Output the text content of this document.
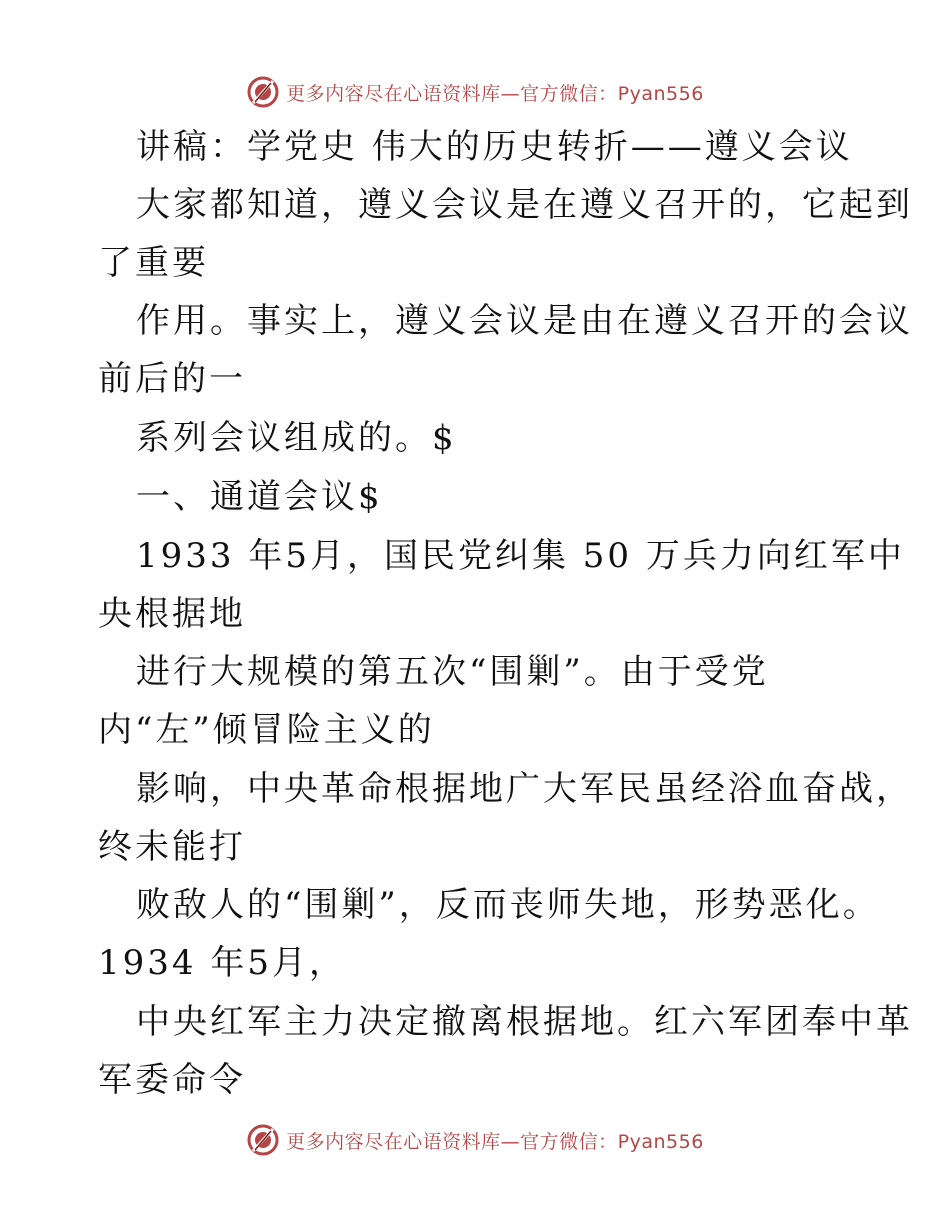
更多内容尽在心语资料库—官方微信：Pyan556
讲稿：学党史 伟大的历史转折——遵义会议
大家都知道，遵义会议是在遵义召开的，它起到
了重要
作用。事实上，遵义会议是由在遵义召开的会议
前后的一
系列会议组成的。$
一、通道会议$
1933 年5月，国民党纠集 50 万兵力向红军中
央根据地
进行大规模的第五次“围剿”。由于受党
内“左”倾冒险主义的
影响，中央革命根据地广大军民虽经浴血奋战，
终未能打
败敌人的“围剿”，反而丧师失地，形势恶化。
1934 年5月，
中央红军主力决定撤离根据地。红六军团奉中革
军委命令
更多内容尽在心语资料库—官方微信：Pyan556
